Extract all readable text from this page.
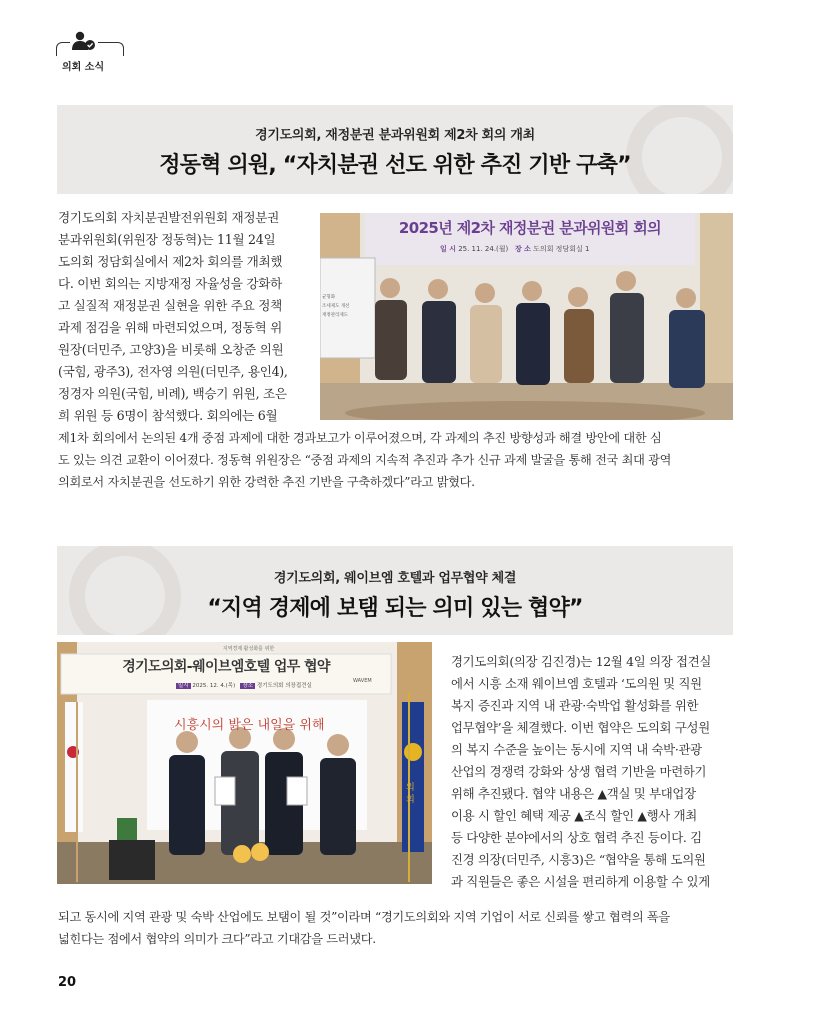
의회 소식
경기도의회, 재정분권 분과위원회 제2차 회의 개최
정동혁 의원, “자치분권 선도 위한 추진 기반 구축”
2025년 제2차 재정분권 분과위원회 회의
일 시 25. 11. 24.(월) 장 소 도의회 정담회실 1
균형화
조세제도 개선
재정관리제도

경기도의회 자치분권발전위원회 재정분권

분과위원회(위원장 정동혁)는 11월 24일

도의회 정담회실에서 제2차 회의를 개최했

다. 이번 회의는 지방재정 자율성을 강화하

고 실질적 재정분권 실현을 위한 주요 정책

과제 점검을 위해 마련되었으며, 정동혁 위

원장(더민주, 고양3)을 비롯해 오창준 의원

(국힘, 광주3), 전자영 의원(더민주, 용인4),

정경자 의원(국힘, 비례), 백승기 위원, 조은

희 위원 등 6명이 참석했다. 회의에는 6월

제1차 회의에서 논의된 4개 중점 과제에 대한 경과보고가 이루어졌으며, 각 과제의 추진 방향성과 해결 방안에 대한 심

도 있는 의견 교환이 이어졌다. 정동혁 위원장은 “중점 과제의 지속적 추진과 추가 신규 과제 발굴을 통해 전국 최대 광역

의회로서 자치분권을 선도하기 위한 강력한 추진 기반을 구축하겠다”라고 밝혔다.

경기도의회, 웨이브엠 호텔과 업무협약 체결
“지역 경제에 보탬 되는 의미 있는 협약”
지역경제 활성화를 위한
경기도의회-웨이브엠호텔 업무 협약
일시 2025. 12. 4.(목) 장소 경기도의회 의장접견실
WAVEM
시흥시의 밝은 내일을 위해
의회

경기도의회(의장 김진경)는 12월 4일 의장 접견실

에서 시흥 소재 웨이브엠 호텔과 ‘도의원 및 직원

복지 증진과 지역 내 관광·숙박업 활성화를 위한

업무협약’을 체결했다. 이번 협약은 도의회 구성원

의 복지 수준을 높이는 동시에 지역 내 숙박·관광

산업의 경쟁력 강화와 상생 협력 기반을 마련하기

위해 추진됐다. 협약 내용은 ▲객실 및 부대업장

이용 시 할인 혜택 제공 ▲조식 할인 ▲행사 개최

등 다양한 분야에서의 상호 협력 추진 등이다. 김

진경 의장(더민주, 시흥3)은 “협약을 통해 도의원

과 직원들은 좋은 시설을 편리하게 이용할 수 있게

되고 동시에 지역 관광 및 숙박 산업에도 보탬이 될 것”이라며 “경기도의회와 지역 기업이 서로 신뢰를 쌓고 협력의 폭을

넓힌다는 점에서 협약의 의미가 크다”라고 기대감을 드러냈다.

20
